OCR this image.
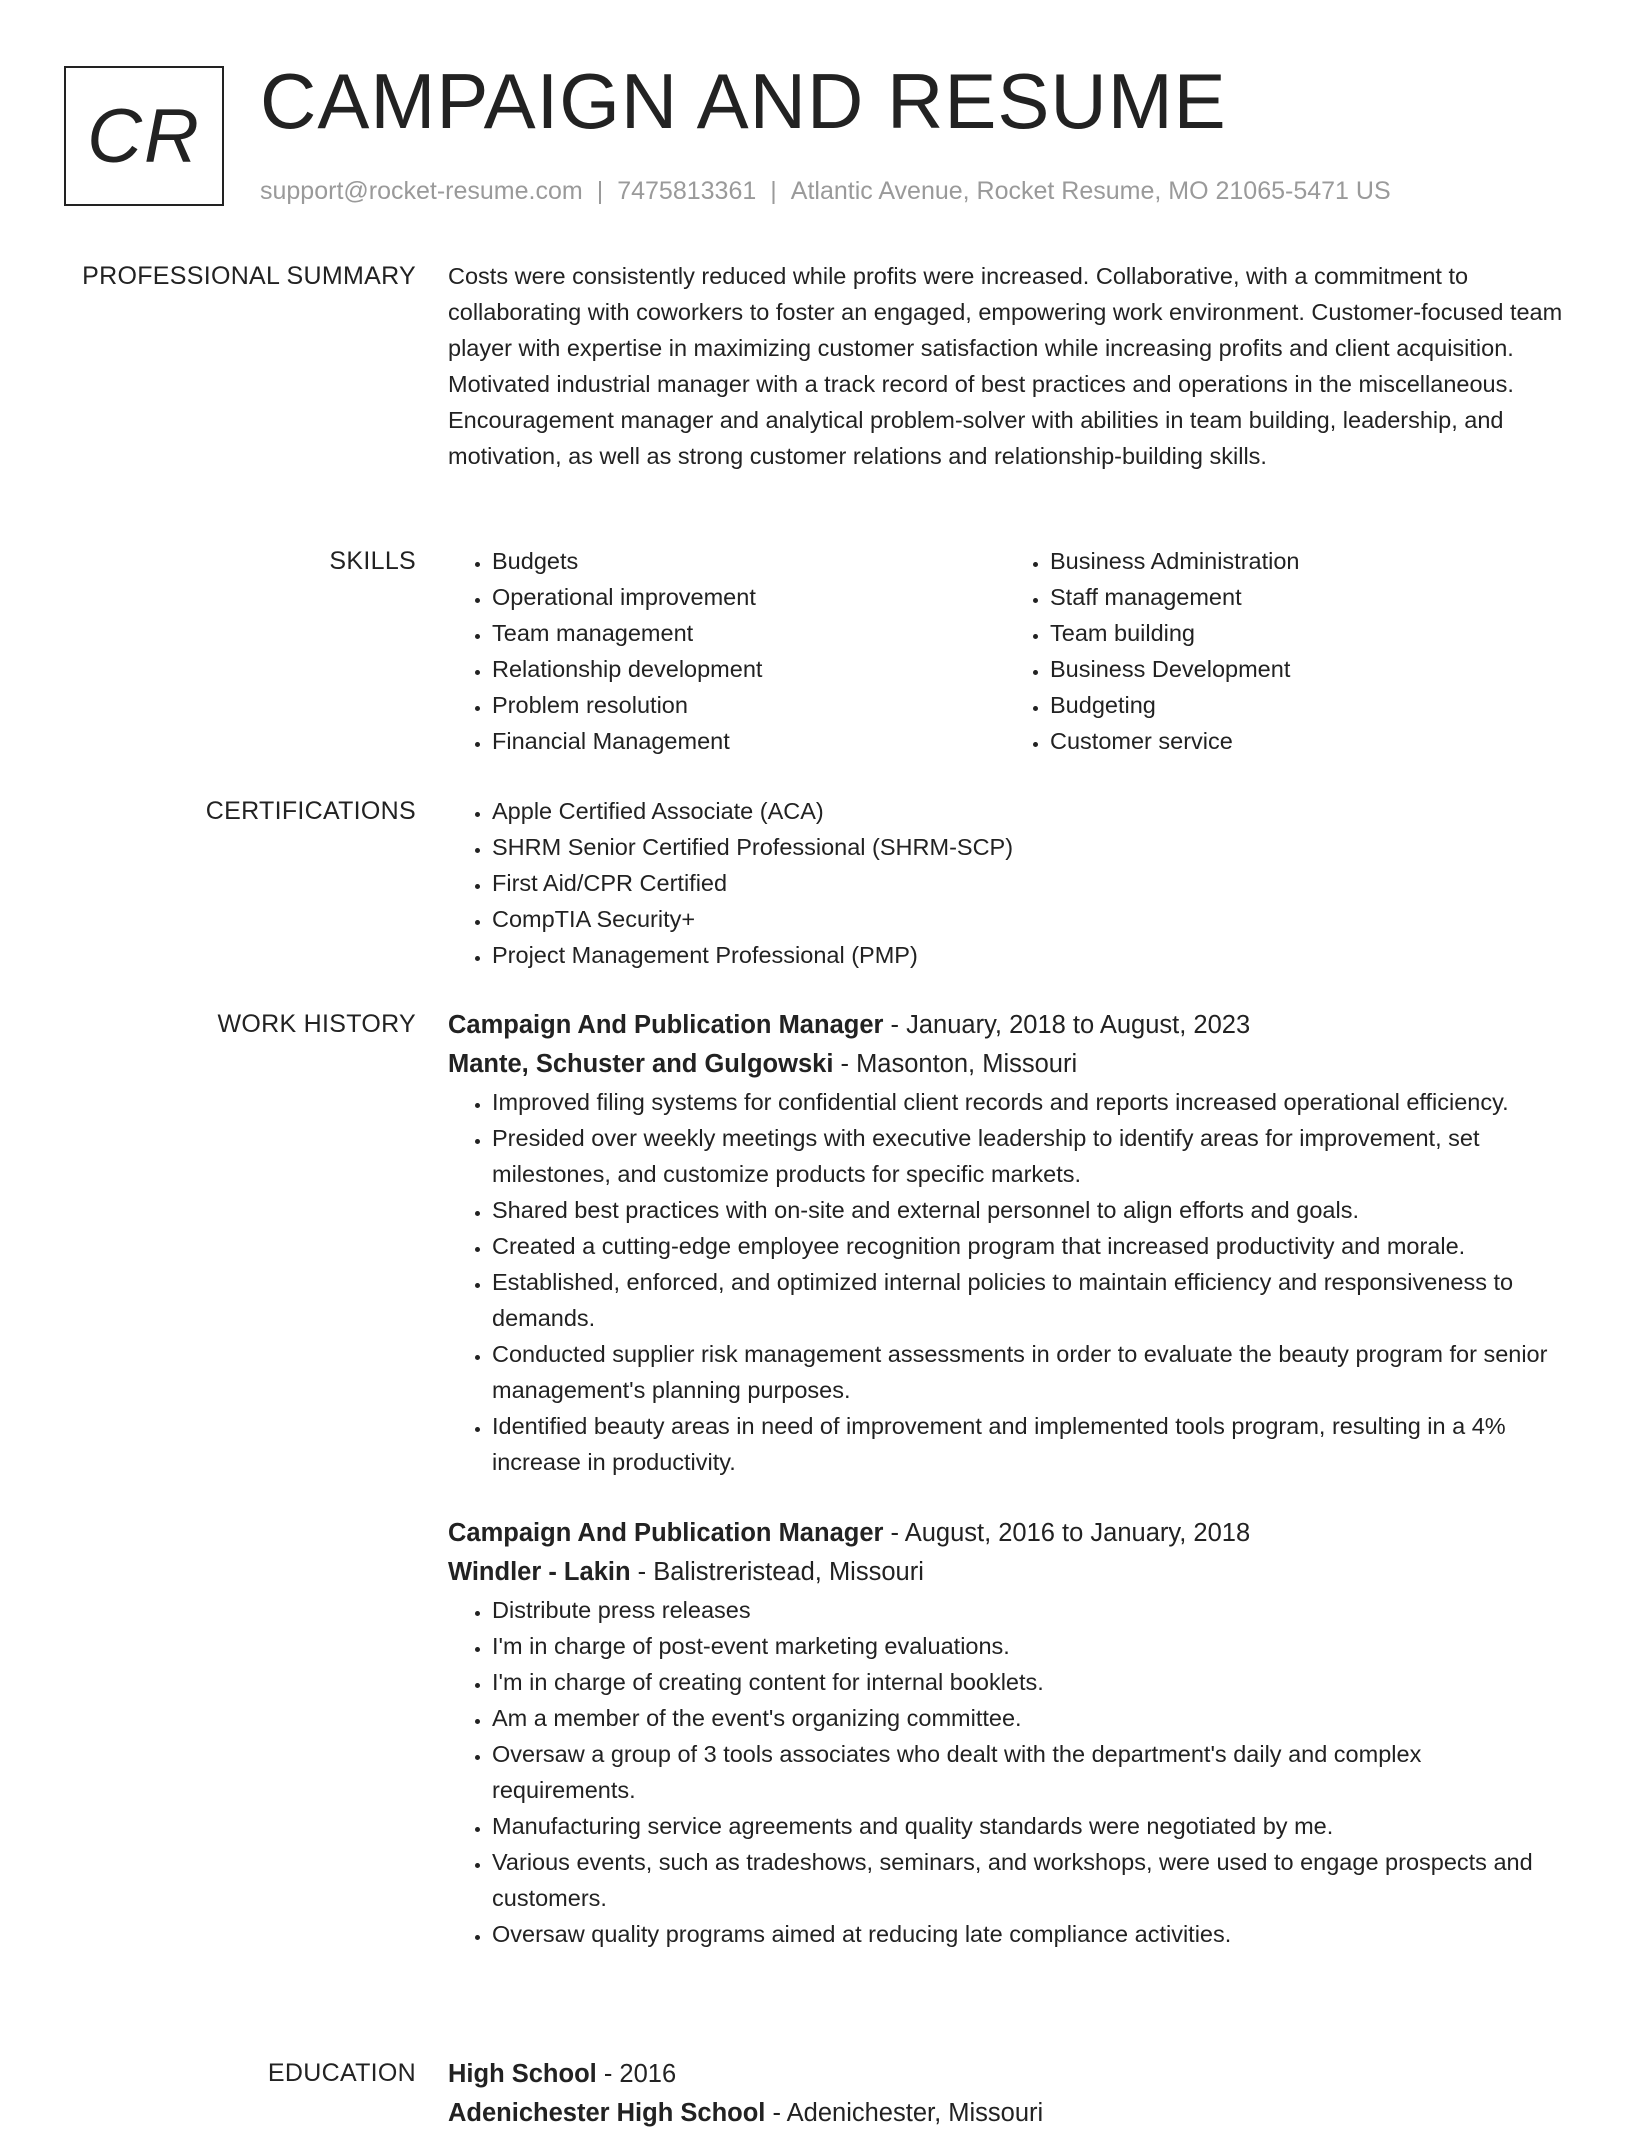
CR CAMPAIGN AND RESUME
support@rocket-resume.com | 7475813361 | Atlantic Avenue, Rocket Resume, MO 21065-5471 US
PROFESSIONAL SUMMARY Costs were consistently reduced while profits were increased. Collaborative, with a commitment to collaborating with coworkers to foster an engaged, empowering work environment. Customer-focused team player with expertise in maximizing customer satisfaction while increasing profits and client acquisition. Motivated industrial manager with a track record of best practices and operations in the miscellaneous. Encouragement manager and analytical problem-solver with abilities in team building, leadership, and motivation, as well as strong customer relations and relationship-building skills.

SKILLS	• Budgets
• Operational improvement
• Team management
• Relationship development
• Problem resolution
• Financial Management
• Business Administration
• Staff management
• Team building
• Business Development
• Budgeting
• Customer service
CERTIFICATIONS	• Apple Certified Associate (ACA)
• SHRM Senior Certified Professional (SHRM-SCP)
• First Aid/CPR Certified
• CompTIA Security+
• Project Management Professional (PMP)
WORK HISTORY Campaign And Publication Manager - January, 2018 to August, 2023
Mante, Schuster and Gulgowski - Masonton, Missouri
• Improved filing systems for confidential client records and reports increased operational efficiency.
• Presided over weekly meetings with executive leadership to identify areas for improvement, set milestones, and customize products for specific markets.
• Shared best practices with on-site and external personnel to align efforts and goals.
• Created a cutting-edge employee recognition program that increased productivity and morale.
• Established, enforced, and optimized internal policies to maintain efficiency and responsiveness to demands.
• Conducted supplier risk management assessments in order to evaluate the beauty program for senior management's planning purposes.
• Identified beauty areas in need of improvement and implemented tools program, resulting in a 4% increase in productivity.
Campaign And Publication Manager - August, 2016 to January, 2018
Windler - Lakin - Balistreristead, Missouri
• Distribute press releases
• I'm in charge of post-event marketing evaluations.
• I'm in charge of creating content for internal booklets.
• Am a member of the event's organizing committee.
• Oversaw a group of 3 tools associates who dealt with the department's daily and complex requirements.
• Manufacturing service agreements and quality standards were negotiated by me.
• Various events, such as tradeshows, seminars, and workshops, were used to engage prospects and customers.
• Oversaw quality programs aimed at reducing late compliance activities.
EDUCATION High School - 2016
Adenichester High School - Adenichester, Missouri
